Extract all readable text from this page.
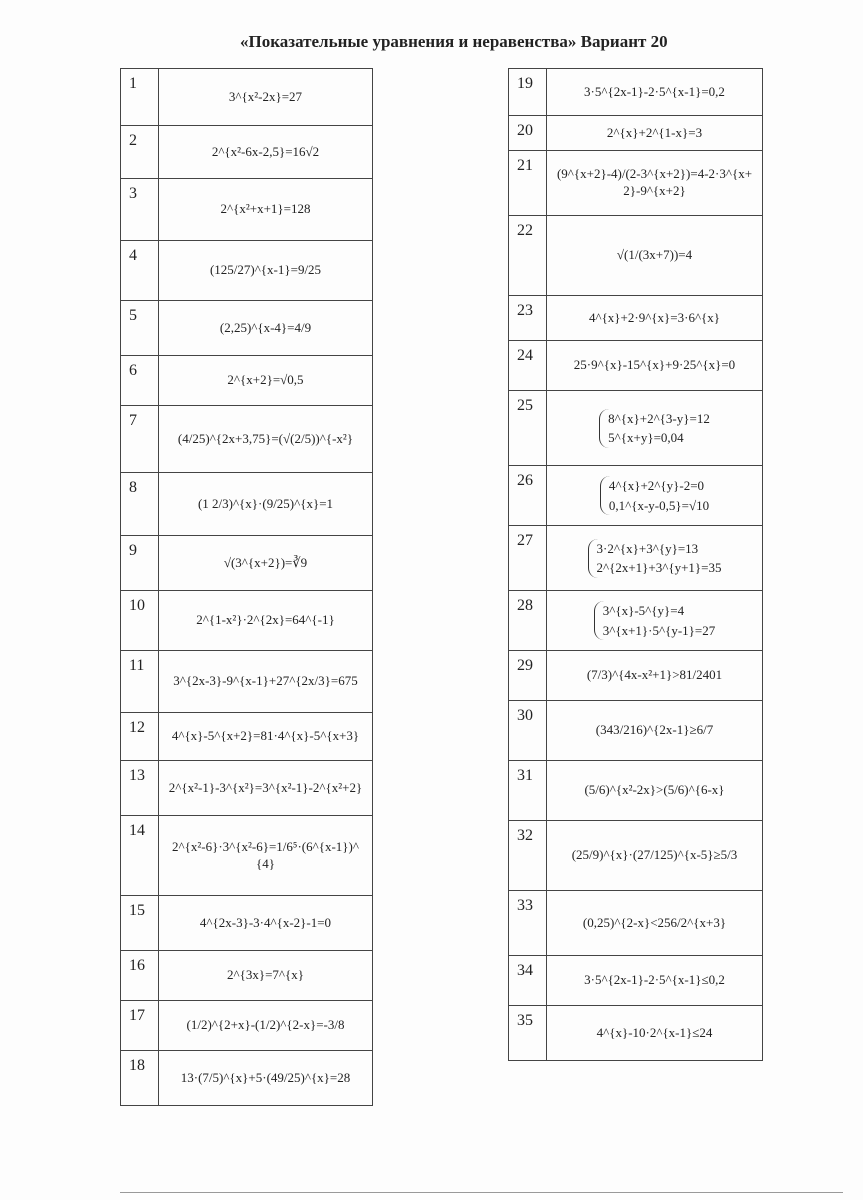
«Показательные уравнения и неравенства» Вариант 20
1	3^{x²-2x}=27

2	2^{x²-6x-2,5}=16√2

3	2^{x²+x+1}=128

4	(125/27)^{x-1}=9/25

5	(2,25)^{x-4}=4/9

6	2^{x+2}=√0,5

7	(4/25)^{2x+3,75}=(√(2/5))^{-x²}

8	(1 2/3)^{x}·(9/25)^{x}=1

9	√(3^{x+2})=∛9

10	2^{1-x²}·2^{2x}=64^{-1}

11	3^{2x-3}-9^{x-1}+27^{2x/3}=675

12	4^{x}-5^{x+2}=81·4^{x}-5^{x+3}

13	2^{x²-1}-3^{x²}=3^{x²-1}-2^{x²+2}

14	2^{x²-6}·3^{x²-6}=1/6⁵·(6^{x-1})^{4}

15	4^{2x-3}-3·4^{x-2}-1=0

16	2^{3x}=7^{x}

17	(1/2)^{2+x}-(1/2)^{2-x}=-3/8

18	13·(7/5)^{x}+5·(49/25)^{x}=28
19	3·5^{2x-1}-2·5^{x-1}=0,2

20	2^{x}+2^{1-x}=3

21	(9^{x+2}-4)/(2-3^{x+2})=4-2·3^{x+2}-9^{x+2}

22	√(1/(3x+7))=4

23	4^{x}+2·9^{x}=3·6^{x}

24	25·9^{x}-15^{x}+9·25^{x}=0

25	8^{x}+2^{3-y}=12
5^{x+y}=0,04

26	4^{x}+2^{y}-2=0
0,1^{x-y-0,5}=√10

27	3·2^{x}+3^{y}=13
2^{2x+1}+3^{y+1}=35

28	3^{x}-5^{y}=4
3^{x+1}·5^{y-1}=27

29	(7/3)^{4x-x²+1}>81/2401

30	(343/216)^{2x-1}≥6/7

31	(5/6)^{x²-2x}>(5/6)^{6-x}

32	(25/9)^{x}·(27/125)^{x-5}≥5/3

33	(0,25)^{2-x}<256/2^{x+3}

34	3·5^{2x-1}-2·5^{x-1}≤0,2

35	4^{x}-10·2^{x-1}≤24
